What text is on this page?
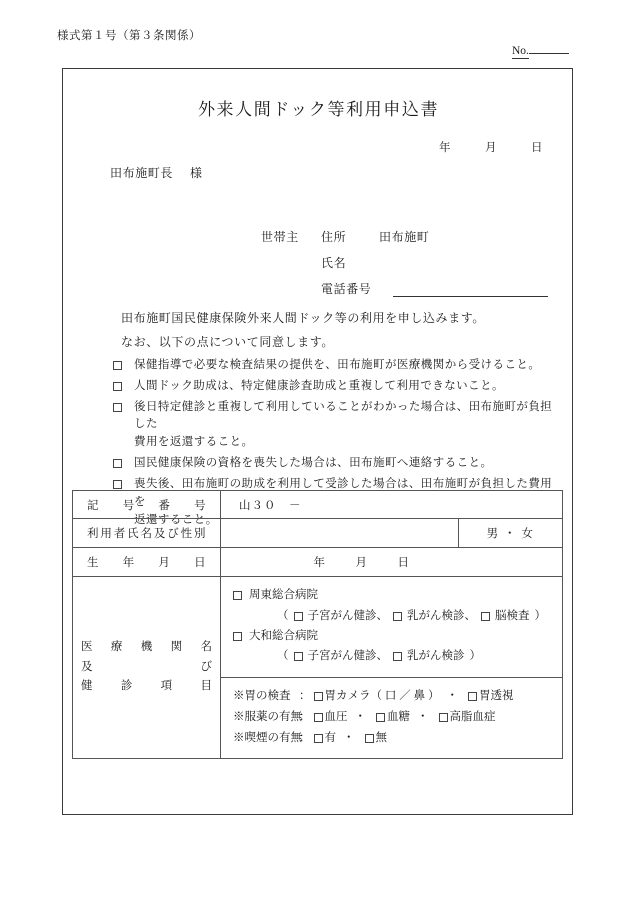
様式第１号（第３条関係）
No.
外来人間ドック等利用申込書
年	月	日
田布施町長 様
世帯主	住所	田布施町
氏名
電話番号
田布施町国民健康保険外来人間ドック等の利用を申し込みます。
なお、以下の点について同意します。
保健指導で必要な検査結果の提供を、田布施町が医療機関から受けること。
人間ドック助成は、特定健康診査助成と重複して利用できないこと。
後日特定健診と重複して利用していることがわかった場合は、田布施町が負担した
費用を返還すること。
国民健康保険の資格を喪失した場合は、田布施町へ連絡すること。
喪失後、田布施町の助成を利用して受診した場合は、田布施町が負担した費用を
返還すること。
記 号 番 号	山３０　－	

利 用 者 氏 名 及 び 性 別		男 ・ 女

生 年 月 日	年 月 日	

医 療 機 関 名
及	び
健 診 項 目

周東総合病院
（ 子宮がん健診、 乳がん検診、 脳検査 ）
大和総合病院
（ 子宮がん健診、 乳がん検診 ）
※胃の検査 ： 胃カメラ（ 口 ／ 鼻 ） ・ 胃透視
※服薬の有無
： 血圧 ・ 血糖 ・ 高脂血症
※喫煙の有無
： 有 ・ 無
